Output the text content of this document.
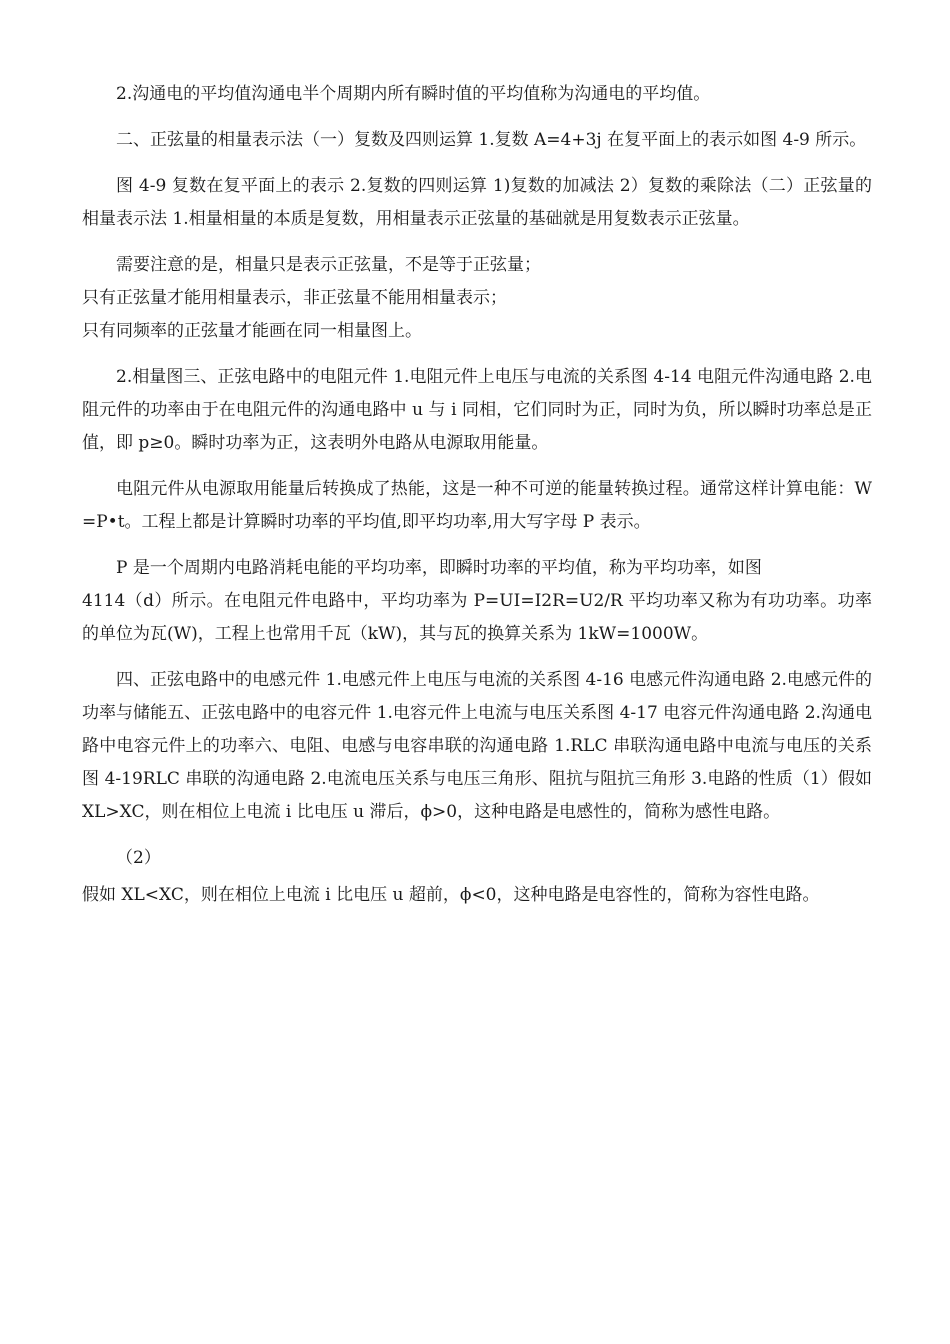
2.沟通电的平均值沟通电半个周期内所有瞬时值的平均值称为沟通电的平均值。

二、正弦量的相量表示法（一）复数及四则运算 1.复数 A=4+3j 在复平面上的表示如图 4-9 所示。

图 4-9 复数在复平面上的表示 2.复数的四则运算 1)复数的加减法 2）复数的乘除法（二）正弦量的相量表示法 1.相量相量的本质是复数，用相量表示正弦量的基础就是用复数表示正弦量。

需要注意的是，相量只是表示正弦量，不是等于正弦量；

只有正弦量才能用相量表示，非正弦量不能用相量表示；

只有同频率的正弦量才能画在同一相量图上。

2.相量图三、正弦电路中的电阻元件 1.电阻元件上电压与电流的关系图 4-14 电阻元件沟通电路 2.电阻元件的功率由于在电阻元件的沟通电路中 u 与 i 同相，它们同时为正，同时为负，所以瞬时功率总是正值，即 p≥0。瞬时功率为正，这表明外电路从电源取用能量。

电阻元件从电源取用能量后转换成了热能，这是一种不可逆的能量转换过程。通常这样计算电能：W=P•t。工程上都是计算瞬时功率的平均值,即平均功率,用大写字母 P 表示。

P 是一个周期内电路消耗电能的平均功率，即瞬时功率的平均值，称为平均功率，如图

4114（d）所示。在电阻元件电路中，平均功率为 P=UI=I2R=U2/R 平均功率又称为有功功率。功率的单位为瓦(W)，工程上也常用千瓦（kW)，其与瓦的换算关系为 1kW=1000W。

四、正弦电路中的电感元件 1.电感元件上电压与电流的关系图 4-16 电感元件沟通电路 2.电感元件的功率与储能五、正弦电路中的电容元件 1.电容元件上电流与电压关系图 4-17 电容元件沟通电路 2.沟通电路中电容元件上的功率六、电阻、电感与电容串联的沟通电路 1.RLC 串联沟通电路中电流与电压的关系图 4-19RLC 串联的沟通电路 2.电流电压关系与电压三角形、阻抗与阻抗三角形 3.电路的性质（1）假如 XL>XC，则在相位上电流 i 比电压 u 滞后，ϕ>0，这种电路是电感性的，简称为感性电路。

（2）

假如 XL<XC，则在相位上电流 i 比电压 u 超前，ϕ<0，这种电路是电容性的，简称为容性电路。
